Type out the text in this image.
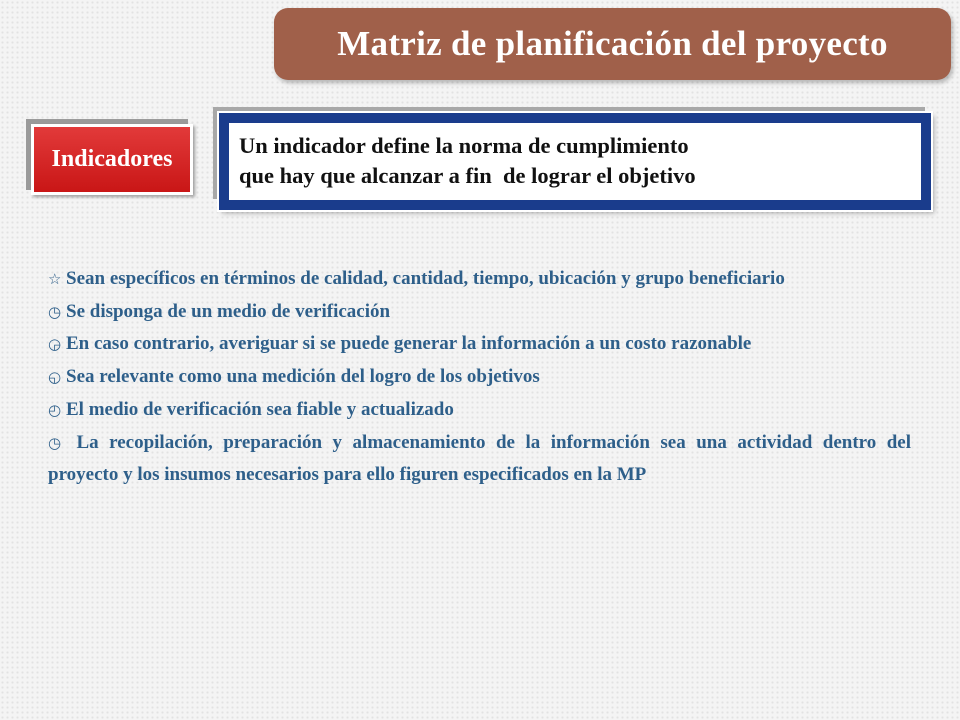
Matriz de planificación del proyecto
Indicadores
Un indicador define la norma de cumplimiento
que hay que alcanzar a fin  de lograr el objetivo
☆ Sean específicos en términos de calidad, cantidad, tiempo, ubicación y grupo beneficiario
◷ Se disponga de un medio de verificación
◶ En caso contrario, averiguar si se puede generar la información a un costo razonable
◵ Sea relevante como una medición del logro de los objetivos
◴ El medio de verificación sea fiable y actualizado
◷ La recopilación, preparación y almacenamiento de la información sea una actividad dentro del proyecto y los insumos necesarios para ello figuren especificados en la MP
